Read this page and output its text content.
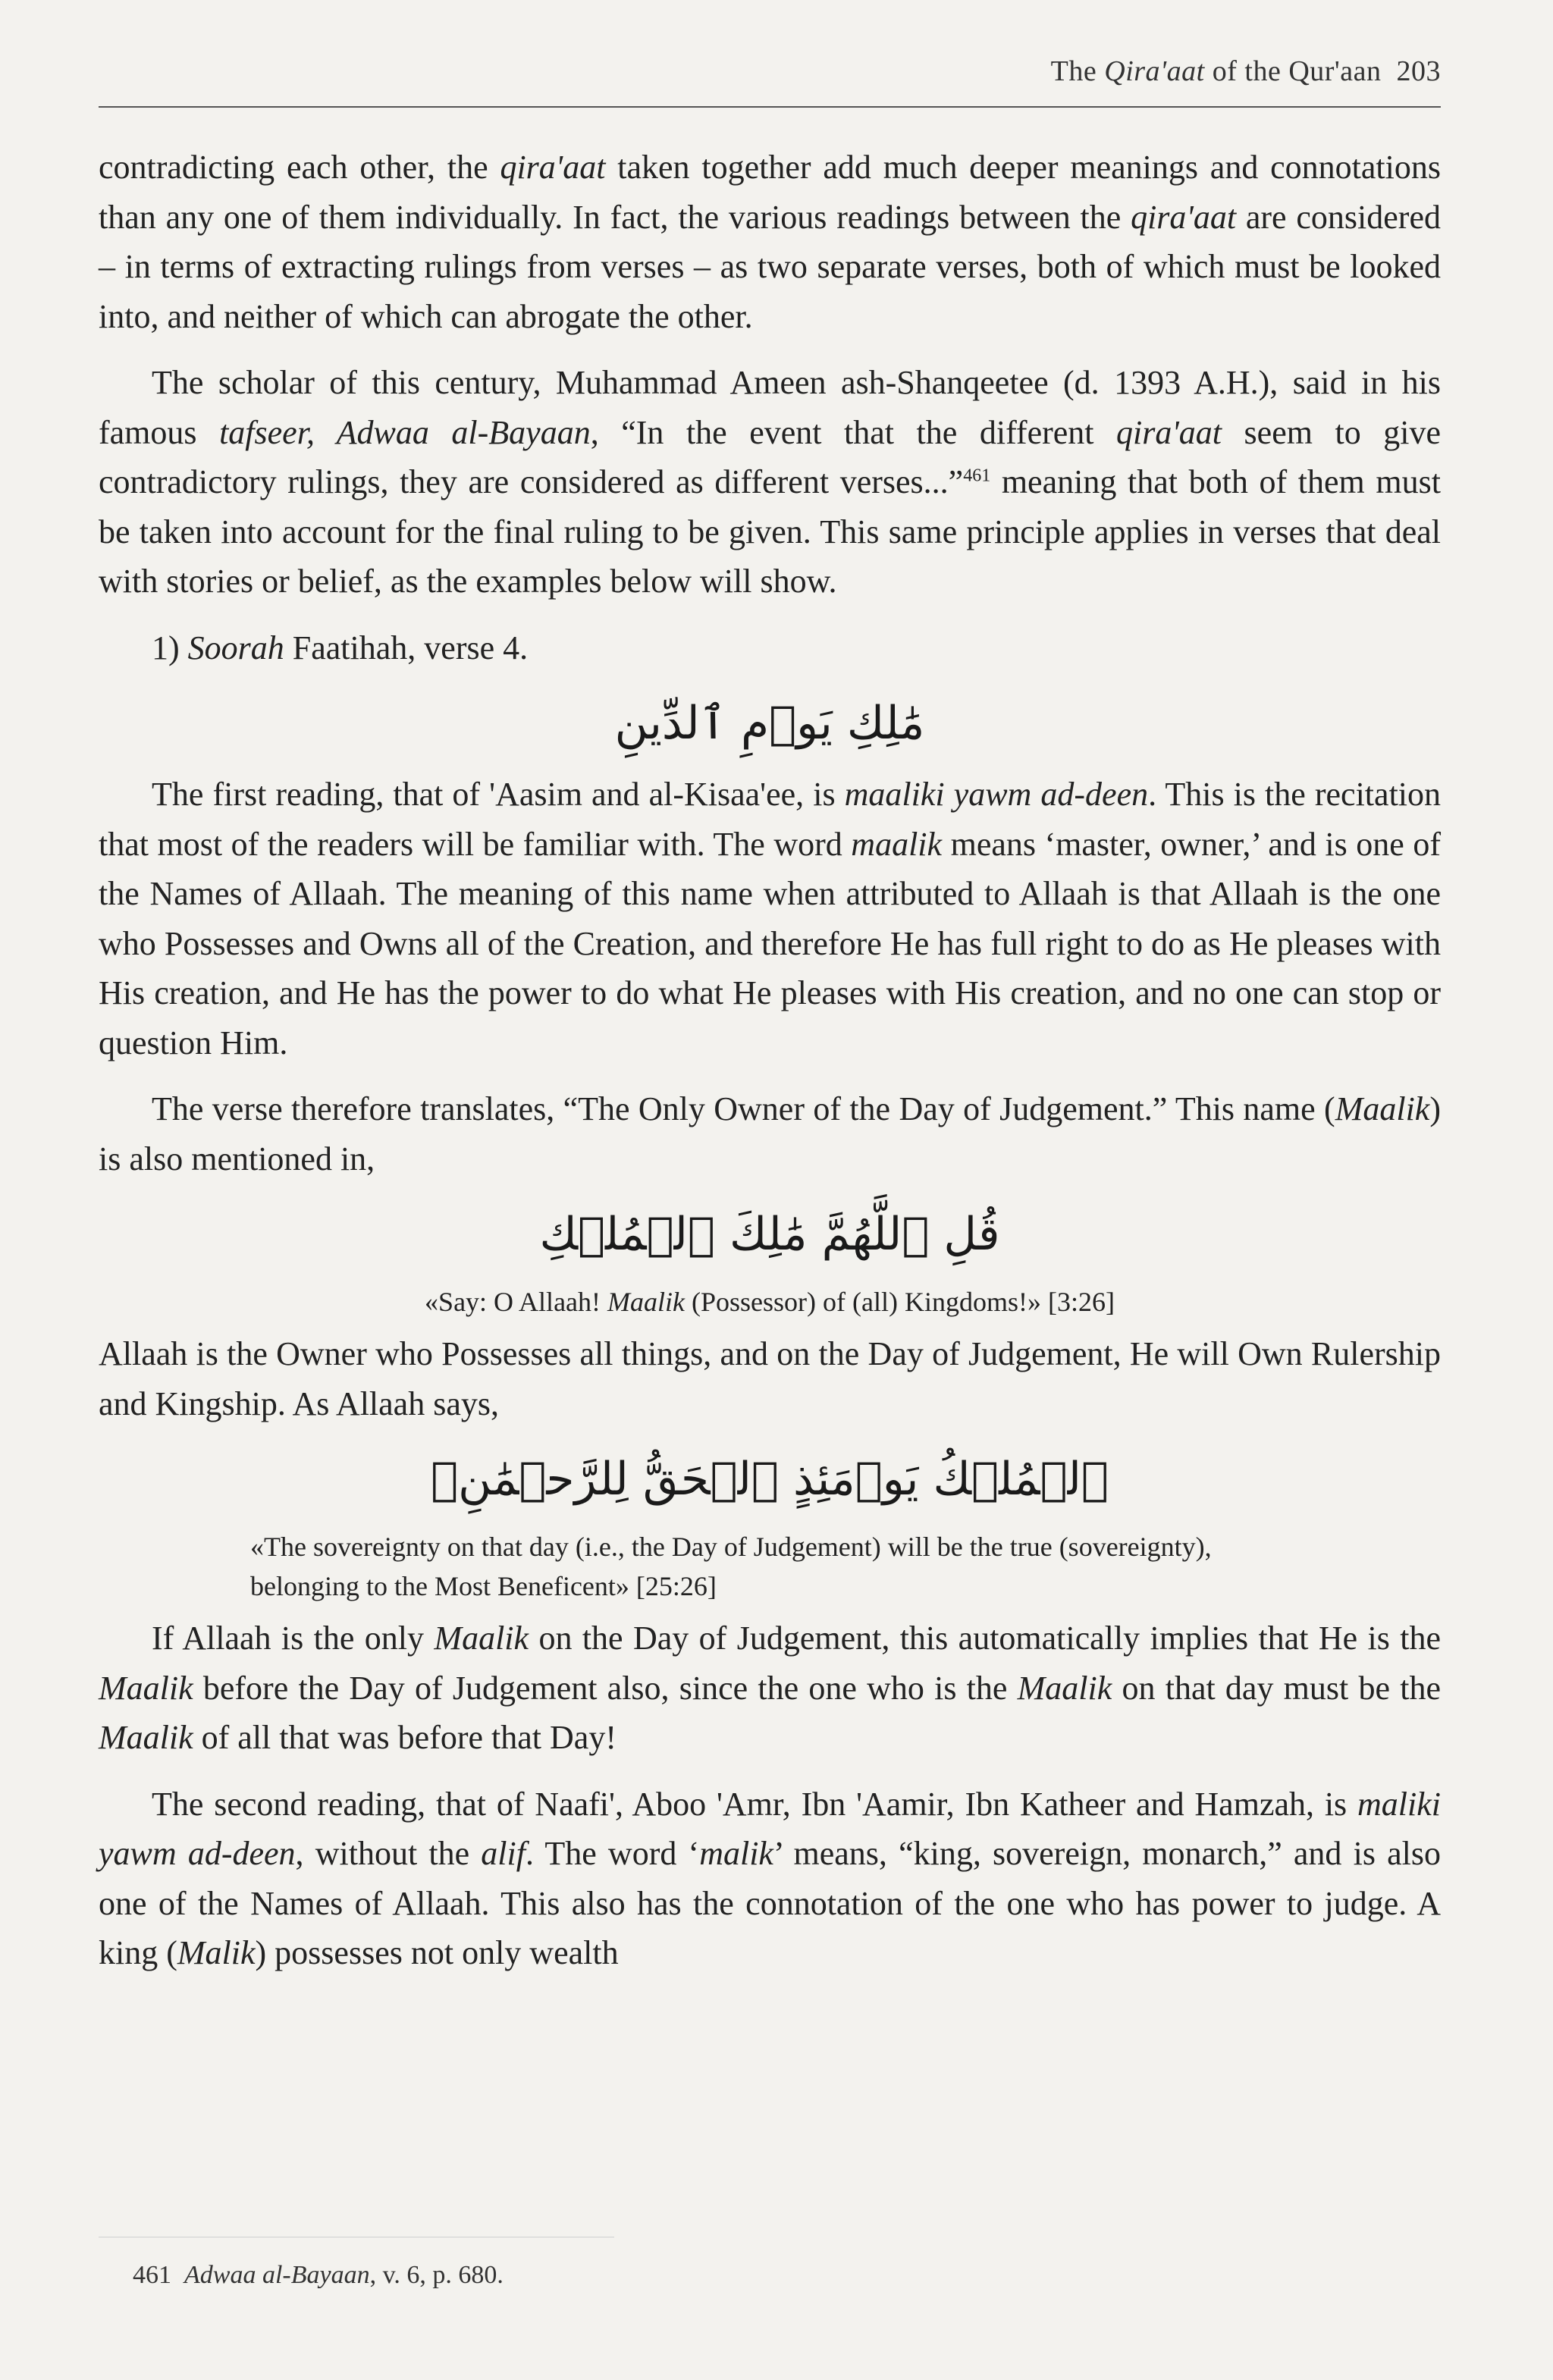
The Qira'aat of the Qur'aan 203

contradicting each other, the qira'aat taken together add much deeper meanings and connotations than any one of them individually. In fact, the various readings between the qira'aat are considered – in terms of extracting rulings from verses – as two separate verses, both of which must be looked into, and neither of which can abrogate the other.

The scholar of this century, Muhammad Ameen ash-Shanqeetee (d. 1393 A.H.), said in his famous tafseer, Adwaa al-Bayaan, “In the event that the different qira'aat seem to give contradictory rulings, they are considered as different verses...”$^{461}$ meaning that both of them must be taken into account for the final ruling to be given. This same principle applies in verses that deal with stories or belief, as the examples below will show.

1) Soorah Faatihah, verse 4.

مَٰلِكِ يَوۡمِ ٱلدِّينِ

The first reading, that of 'Aasim and al-Kisaa'ee, is maaliki yawm ad-deen. This is the recitation that most of the readers will be familiar with. The word maalik means ‘master, owner,’ and is one of the Names of Allaah. The meaning of this name when attributed to Allaah is that Allaah is the one who Possesses and Owns all of the Creation, and therefore He has full right to do as He pleases with His creation, and He has the power to do what He pleases with His creation, and no one can stop or question Him.

The verse therefore translates, “The Only Owner of the Day of Judgement.” This name (Maalik) is also mentioned in,

قُلِ ٱللَّهُمَّ مَٰلِكَ ٱلۡمُلۡكِ
«Say: O Allaah! Maalik (Possessor) of (all) Kingdoms!» [3:26]

Allaah is the Owner who Possesses all things, and on the Day of Judgement, He will Own Rulership and Kingship. As Allaah says,

ٱلۡمُلۡكُ يَوۡمَئِذٍ ٱلۡحَقُّ لِلرَّحۡمَٰنِۚ
«The sovereignty on that day (i.e., the Day of Judgement) will be the true (sovereignty), belonging to the Most Beneficent» [25:26]

If Allaah is the only Maalik on the Day of Judgement, this automatically implies that He is the Maalik before the Day of Judgement also, since the one who is the Maalik on that day must be the Maalik of all that was before that Day!

The second reading, that of Naafi', Aboo 'Amr, Ibn 'Aamir, Ibn Katheer and Hamzah, is maliki yawm ad-deen, without the alif. The word ‘malik’ means, “king, sovereign, monarch,” and is also one of the Names of Allaah. This also has the connotation of the one who has power to judge. A king (Malik) possesses not only wealth

461 Adwaa al-Bayaan, v. 6, p. 680.
